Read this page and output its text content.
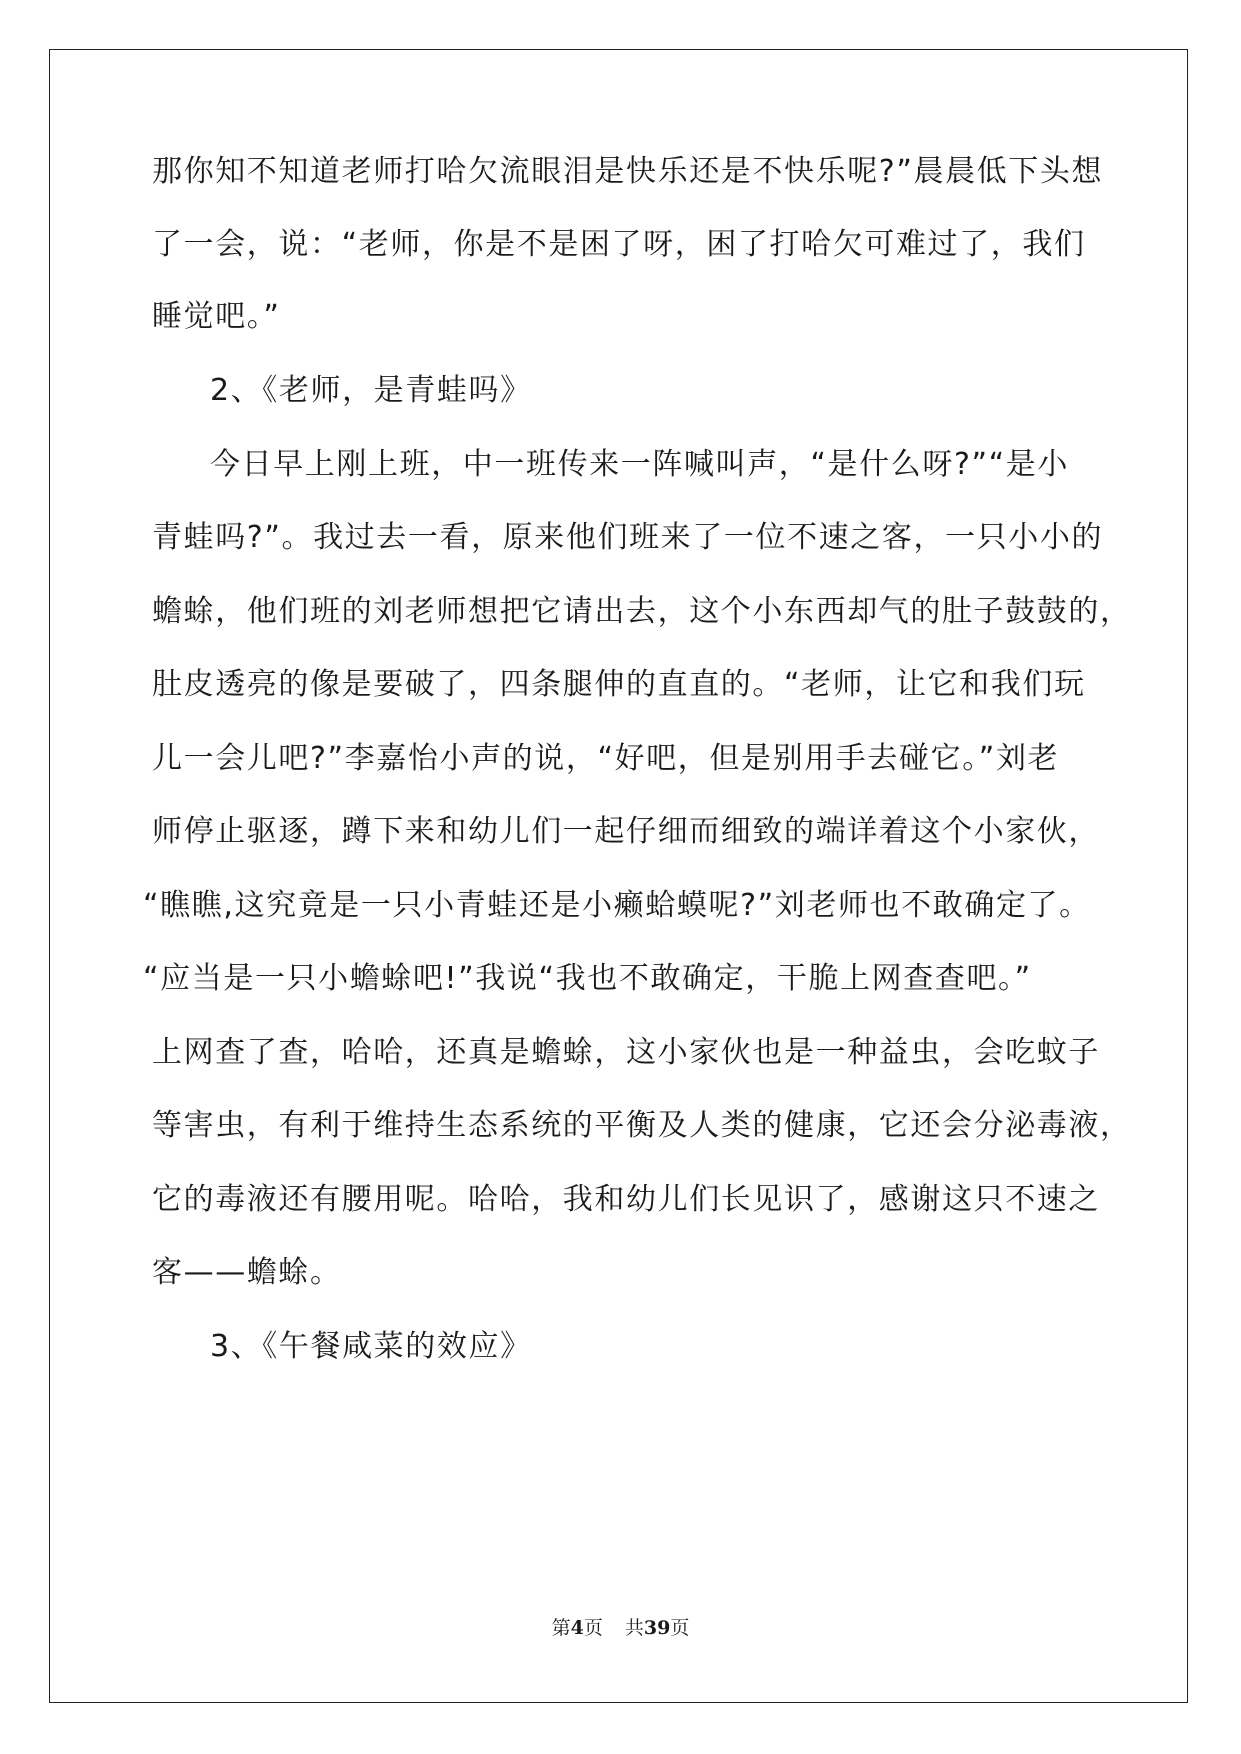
那你知不知道老师打哈欠流眼泪是快乐还是不快乐呢?”晨晨低下头想

了一会，说：“老师，你是不是困了呀，困了打哈欠可难过了，我们

睡觉吧。”

2、《老师，是青蛙吗》

今日早上刚上班，中一班传来一阵喊叫声，“是什么呀?”“是小

青蛙吗?”。我过去一看，原来他们班来了一位不速之客，一只小小的

蟾蜍，他们班的刘老师想把它请出去，这个小东西却气的肚子鼓鼓的，

肚皮透亮的像是要破了，四条腿伸的直直的。“老师，让它和我们玩

儿一会儿吧?”李嘉怡小声的说，“好吧，但是别用手去碰它。”刘老

师停止驱逐，蹲下来和幼儿们一起仔细而细致的端详着这个小家伙，

“瞧瞧,这究竟是一只小青蛙还是小癞蛤蟆呢?”刘老师也不敢确定了。

“应当是一只小蟾蜍吧!”我说“我也不敢确定，干脆上网查查吧。”

上网查了查，哈哈，还真是蟾蜍，这小家伙也是一种益虫，会吃蚊子

等害虫，有利于维持生态系统的平衡及人类的健康，它还会分泌毒液，

它的毒液还有腰用呢。哈哈，我和幼儿们长见识了，感谢这只不速之

客——蟾蜍。

3、《午餐咸菜的效应》

第4页 共39页
